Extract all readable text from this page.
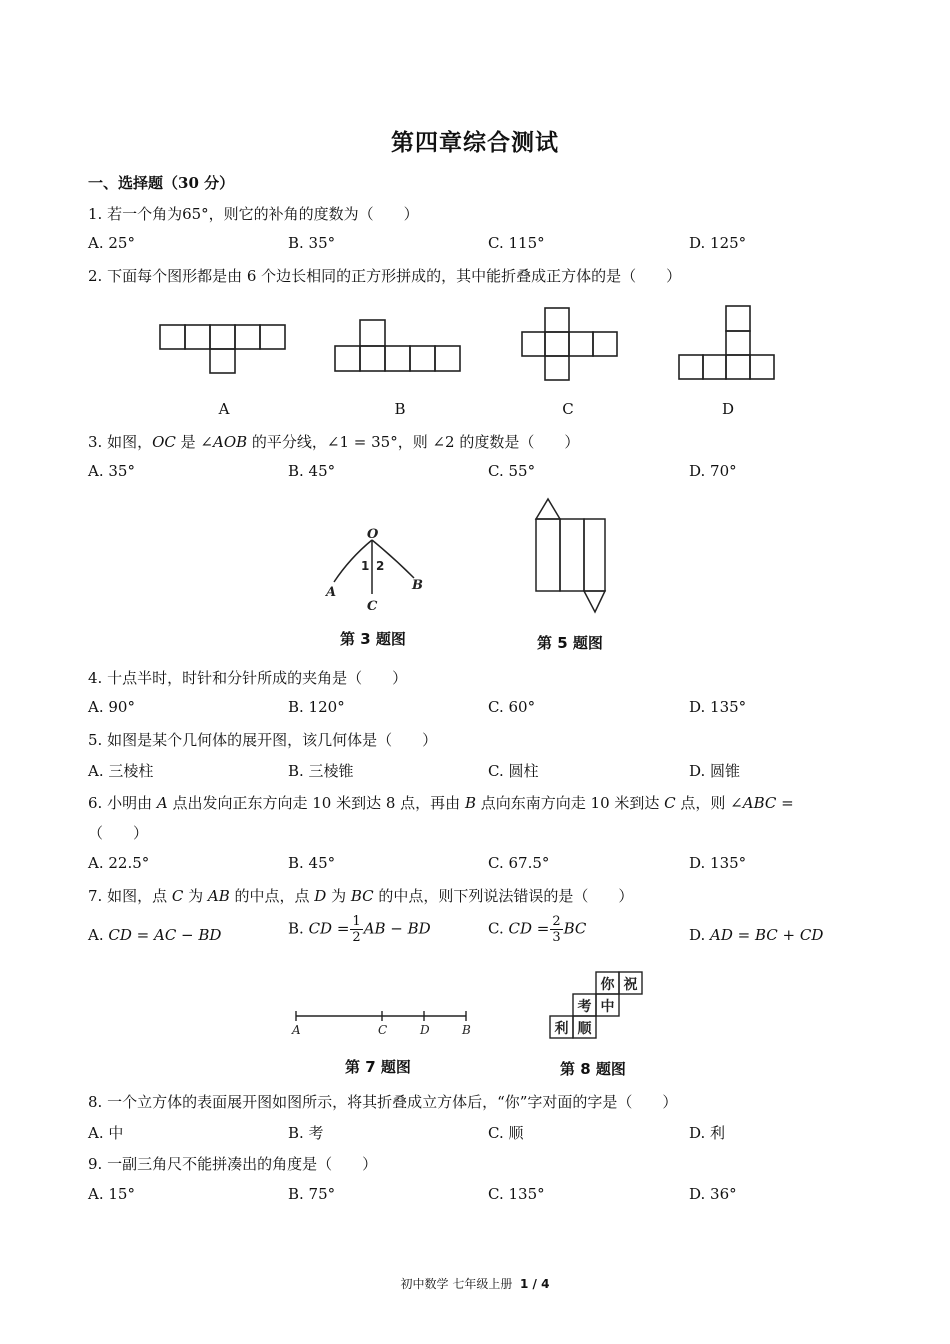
第四章综合测试
一、选择题（30 分）
1. 若一个角为65°，则它的补角的度数为（　　）
A. 25°	B. 35°	C. 115°	D. 125°
2. 下面每个图形都是由 6 个边长相同的正方形拼成的，其中能折叠成正方体的是（　　）
A	B	C	D
3. 如图，OC 是 ∠AOB 的平分线，∠1 = 35°，则 ∠2 的度数是（　　）
A. 35°	B. 45°	C. 55°	D. 70°
O
A	B
C
1 2
第 3 题图	第 5 题图
4. 十点半时，时针和分针所成的夹角是（　　）
A. 90°	B. 120°	C. 60°	D. 135°
5. 如图是某个几何体的展开图，该几何体是（　　）
A. 三棱柱	B. 三棱锥	C. 圆柱	D. 圆锥
6. 小明由 A 点出发向正东方向走 10 米到达 8 点，再由 B 点向东南方向走 10 米到达 C 点，则 ∠ABC =
（　　）
A. 22.5°	B. 45°	C. 67.5°	D. 135°
7. 如图，点 C 为 AB 的中点，点 D 为 BC 的中点，则下列说法错误的是（　　）
A. CD = AC − BD	B. CD = $\frac{1}{2}$ AB − BD	C. CD = $\frac{2}{3}$ BC	D. AD = BC + CD
A	C	D	B
第 7 题图
你 祝
考 中
利 顺
第 8 题图
8. 一个立方体的表面展开图如图所示，将其折叠成立方体后，“你”字对面的字是（　　）
A. 中	B. 考	C. 顺	D. 利
9. 一副三角尺不能拼凑出的角度是（　　）
A. 15°	B. 75°	C. 135°	D. 36°
初中数学 七年级上册 1 / 4
